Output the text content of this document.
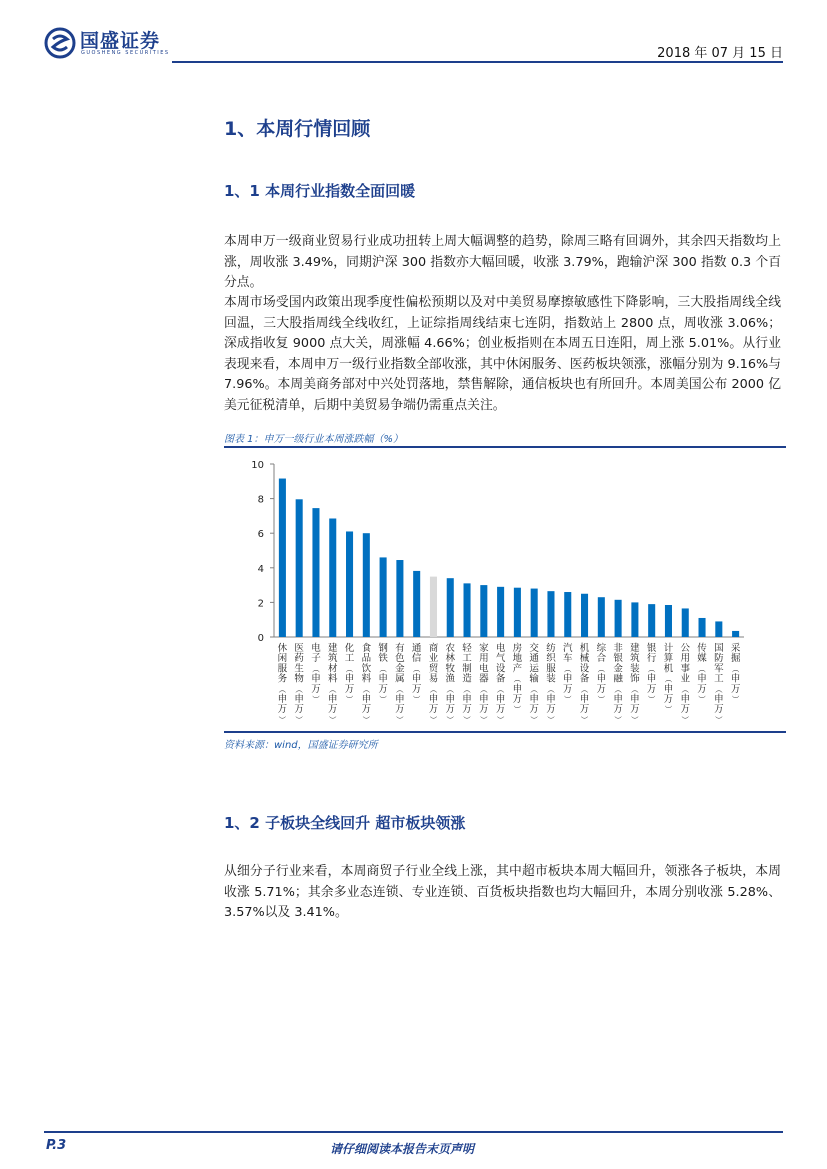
国盛证券
GUOSHENG SECURITIES	2018 年 07 月 15 日
1、本周行情回顾
1、1 本周行业指数全面回暖

本周申万一级商业贸易行业成功扭转上周大幅调整的趋势，除周三略有回调外，其余四天指数均上涨，周收涨 3.49%，同期沪深 300 指数亦大幅回暖，收涨 3.79%，跑输沪深 300 指数 0.3 个百分点。

本周市场受国内政策出现季度性偏松预期以及对中美贸易摩擦敏感性下降影响，三大股指周线全线回温，三大股指周线全线收红，上证综指周线结束七连阴，指数站上 2800 点，周收涨 3.06%；深成指收复 9000 点大关，周涨幅 4.66%；创业板指则在本周五日连阳，周上涨 5.01%。从行业表现来看，本周申万一级行业指数全部收涨，其中休闲服务、医药板块领涨，涨幅分别为 9.16%与 7.96%。本周美商务部对中兴处罚落地，禁售解除，通信板块也有所回升。本周美国公布 2000 亿美元征税清单，后期中美贸易争端仍需重点关注。

图表 1：申万一级行业本周涨跌幅（%）
0
2
4
6
8
10
休闲服务︵申万︶
医药生物︵申万︶
电子︵申万︶
建筑材料︵申万︶
化工︵申万︶
食品饮料︵申万︶
钢铁︵申万︶
有色金属︵申万︶
通信︵申万︶
商业贸易︵申万︶
农林牧渔︵申万︶
轻工制造︵申万︶
家用电器︵申万︶
电气设备︵申万︶
房地产︵申万︶
交通运输︵申万︶
纺织服装︵申万︶
汽车︵申万︶
机械设备︵申万︶
综合︵申万︶
非银金融︵申万︶
建筑装饰︵申万︶
银行︵申万︶
计算机︵申万︶
公用事业︵申万︶
传媒︵申万︶
国防军工︵申万︶
采掘︵申万︶
资料来源：wind，国盛证券研究所
1、2 子板块全线回升 超市板块领涨

从细分子行业来看，本周商贸子行业全线上涨，其中超市板块本周大幅回升，领涨各子板块，本周收涨 5.71%；其余多业态连锁、专业连锁、百货板块指数也均大幅回升，本周分别收涨 5.28%、3.57%以及 3.41%。

P.3	请仔细阅读本报告末页声明
